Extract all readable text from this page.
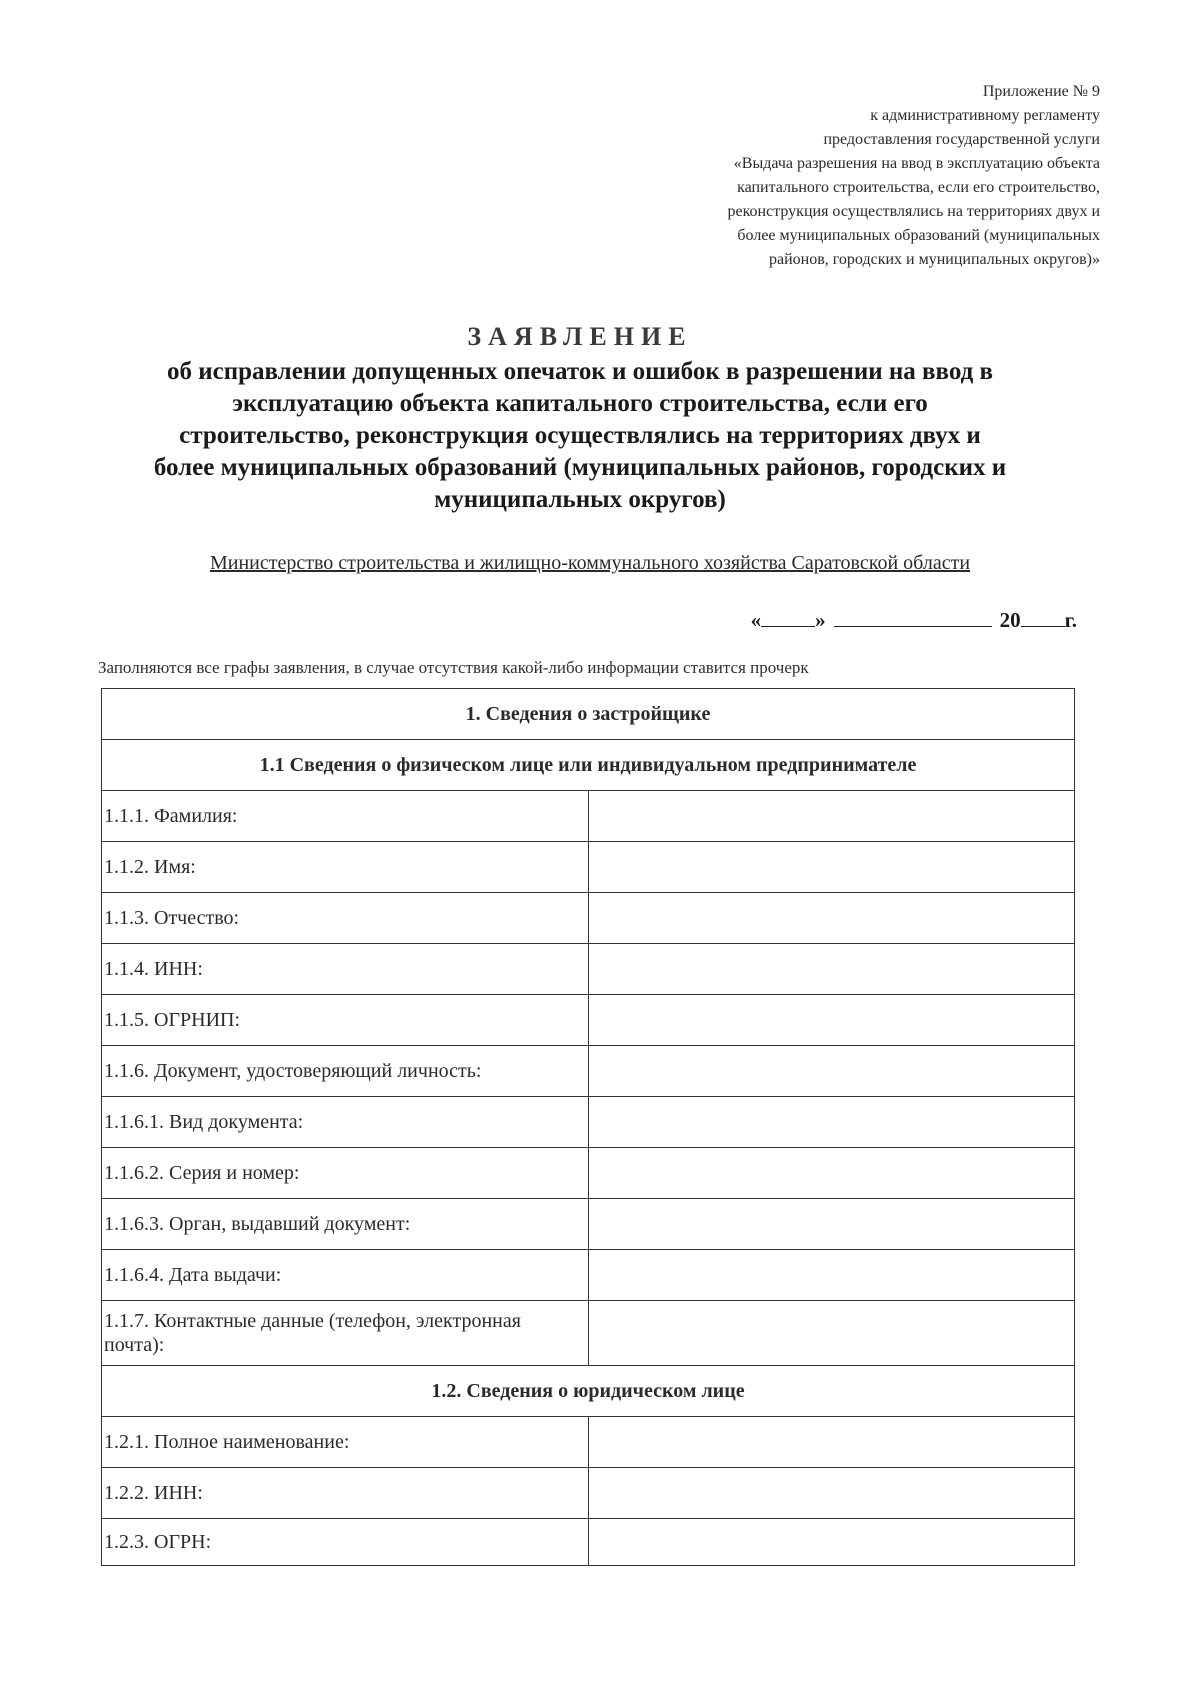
Приложение № 9
к административному регламенту
предоставления государственной услуги
«Выдача разрешения на ввод в эксплуатацию объекта
капитального строительства, если его строительство,
реконструкция осуществлялись на территориях двух и
более муниципальных образований (муниципальных
районов, городских и муниципальных округов)»
ЗАЯВЛЕНИЕ
об исправлении допущенных опечаток и ошибок в разрешении на ввод в
эксплуатацию объекта капитального строительства, если его
строительство, реконструкция осуществлялись на территориях двух и
более муниципальных образований (муниципальных районов, городских и
муниципальных округов)
Министерство строительства и жилищно-коммунального хозяйства Саратовской области
«	»	20 г.
Заполняются все графы заявления, в случае отсутствия какой-либо информации ставится прочерк
1. Сведения о застройщике	
1.1 Сведения о физическом лице или индивидуальном предпринимателе	
1.1.1. Фамилия:	
1.1.2. Имя:	
1.1.3. Отчество:	
1.1.4. ИНН:	
1.1.5. ОГРНИП:	
1.1.6. Документ, удостоверяющий личность:	
1.1.6.1. Вид документа:	
1.1.6.2. Серия и номер:	
1.1.6.3. Орган, выдавший документ:	
1.1.6.4. Дата выдачи:	
1.1.7. Контактные данные (телефон, электронная почта):	
1.2. Сведения о юридическом лице	
1.2.1. Полное наименование:	
1.2.2. ИНН:	
1.2.3. ОГРН:	
